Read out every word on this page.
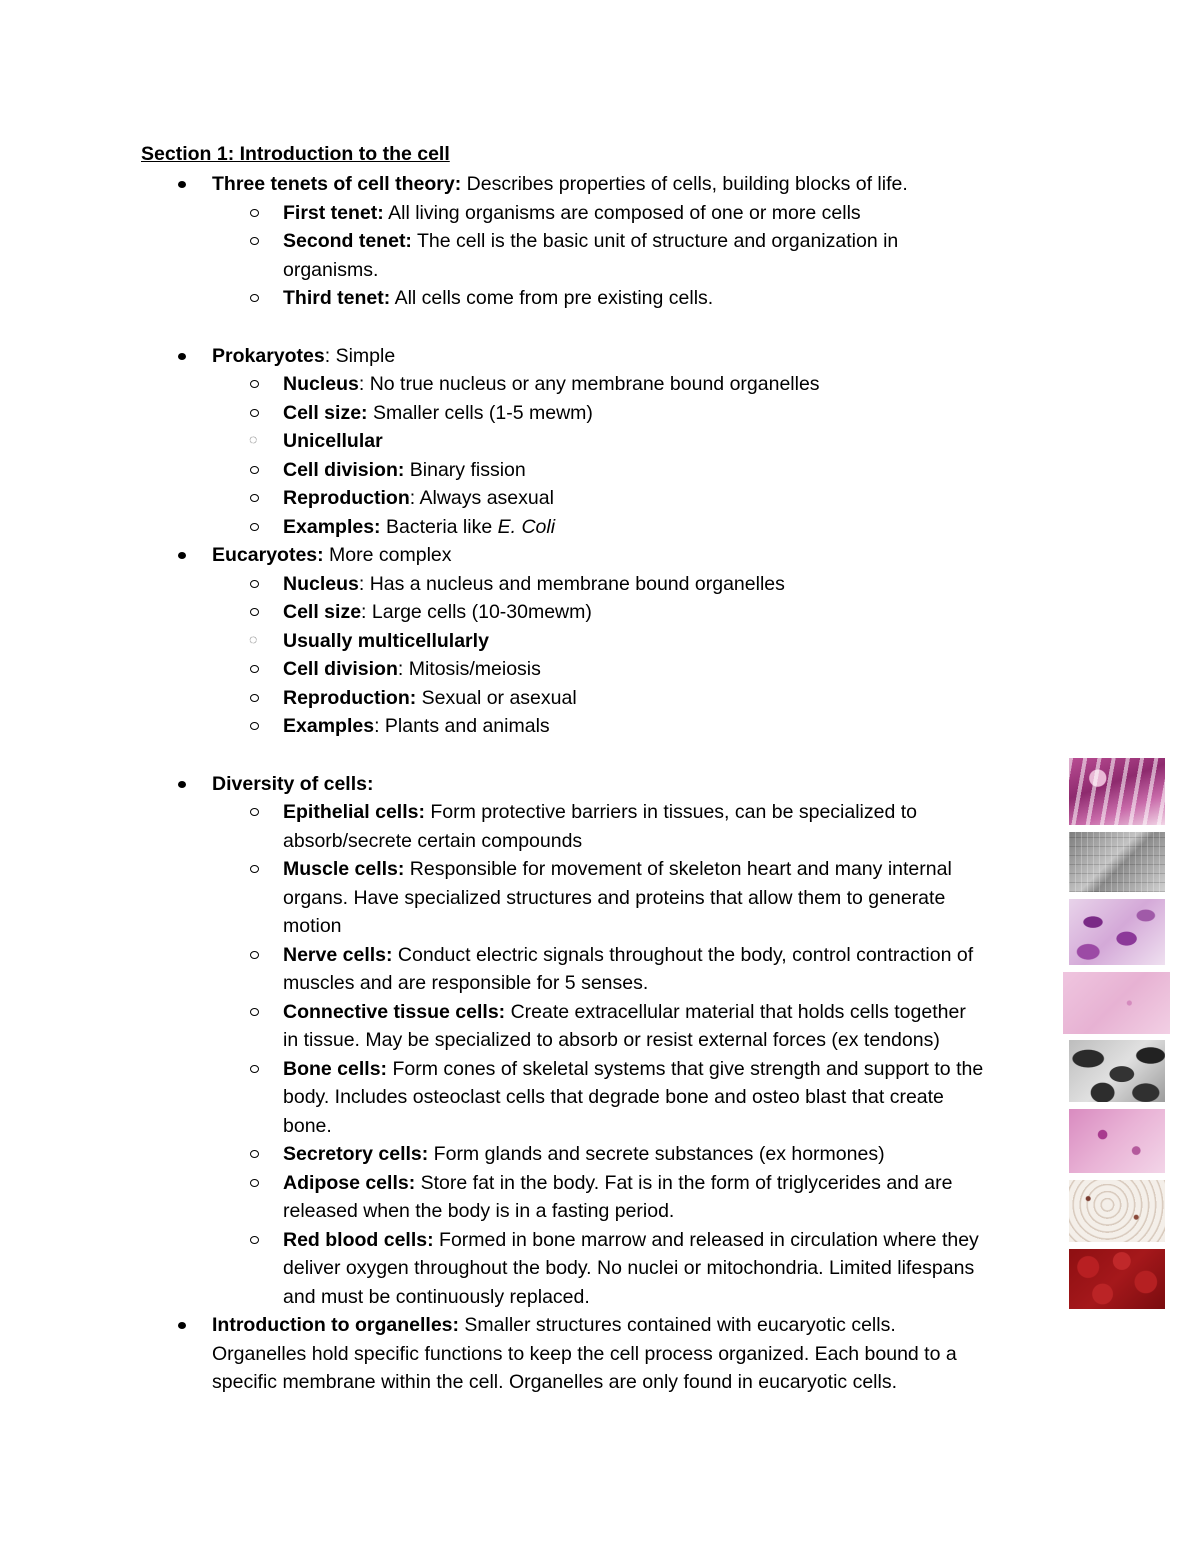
Section 1: Introduction to the cell
Three tenets of cell theory: Describes properties of cells, building blocks of life.
First tenet: All living organisms are composed of one or more cells
Second tenet: The cell is the basic unit of structure and organization in
organisms.
Third tenet: All cells come from pre existing cells.
Prokaryotes: Simple
Nucleus: No true nucleus or any membrane bound organelles
Cell size: Smaller cells (1-5 mewm)
◌ Unicellular
Cell division: Binary fission
Reproduction: Always asexual
Examples: Bacteria like E. Coli
Eucaryotes: More complex
Nucleus: Has a nucleus and membrane bound organelles
Cell size: Large cells (10-30mewm)
◌ Usually multicellularly
Cell division: Mitosis/meiosis
Reproduction: Sexual or asexual
Examples: Plants and animals
Diversity of cells:
Epithelial cells: Form protective barriers in tissues, can be specialized to
absorb/secrete certain compounds
Muscle cells: Responsible for movement of skeleton heart and many internal
organs. Have specialized structures and proteins that allow them to generate
motion
Nerve cells: Conduct electric signals throughout the body, control contraction of
muscles and are responsible for 5 senses.
Connective tissue cells: Create extracellular material that holds cells together
in tissue. May be specialized to absorb or resist external forces (ex tendons)
Bone cells: Form cones of skeletal systems that give strength and support to the
body. Includes osteoclast cells that degrade bone and osteo blast that create
bone.
Secretory cells: Form glands and secrete substances (ex hormones)
Adipose cells: Store fat in the body. Fat is in the form of triglycerides and are
released when the body is in a fasting period.
Red blood cells: Formed in bone marrow and released in circulation where they
deliver oxygen throughout the body. No nuclei or mitochondria. Limited lifespans
and must be continuously replaced.
Introduction to organelles: Smaller structures contained with eucaryotic cells.
Organelles hold specific functions to keep the cell process organized. Each bound to a
specific membrane within the cell. Organelles are only found in eucaryotic cells.
